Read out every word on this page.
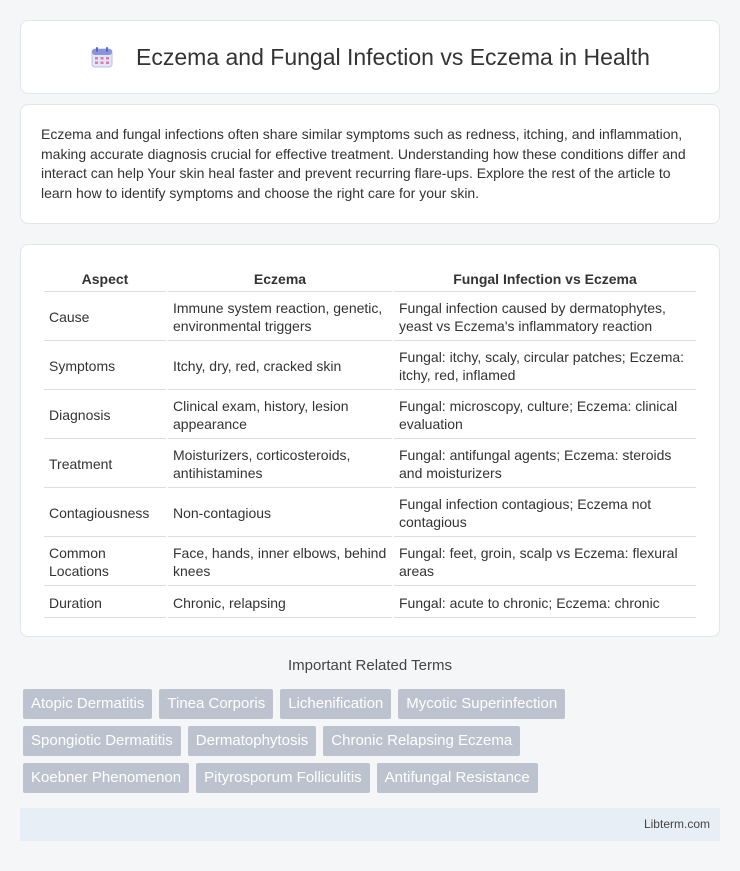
Eczema and Fungal Infection vs Eczema in Health

Eczema and fungal infections often share similar symptoms such as redness, itching, and inflammation, making accurate diagnosis crucial for effective treatment. Understanding how these conditions differ and interact can help Your skin heal faster and prevent recurring flare-ups. Explore the rest of the article to learn how to identify symptoms and choose the right care for your skin.

Aspect	Eczema	Fungal Infection vs Eczema
Cause	Immune system reaction, genetic, environmental triggers	Fungal infection caused by dermatophytes, yeast vs Eczema's inflammatory reaction
Symptoms	Itchy, dry, red, cracked skin	Fungal: itchy, scaly, circular patches; Eczema: itchy, red, inflamed
Diagnosis	Clinical exam, history, lesion appearance	Fungal: microscopy, culture; Eczema: clinical evaluation
Treatment	Moisturizers, corticosteroids, antihistamines	Fungal: antifungal agents; Eczema: steroids and moisturizers
Contagiousness	Non-contagious	Fungal infection contagious; Eczema not contagious
Common Locations	Face, hands, inner elbows, behind knees	Fungal: feet, groin, scalp vs Eczema: flexural areas
Duration	Chronic, relapsing	Fungal: acute to chronic; Eczema: chronic
Important Related Terms
Atopic Dermatitis	Tinea Corporis	Lichenification	Mycotic Superinfection
Spongiotic Dermatitis	Dermatophytosis	Chronic Relapsing Eczema
Koebner Phenomenon	Pityrosporum Folliculitis	Antifungal Resistance
Libterm.com
